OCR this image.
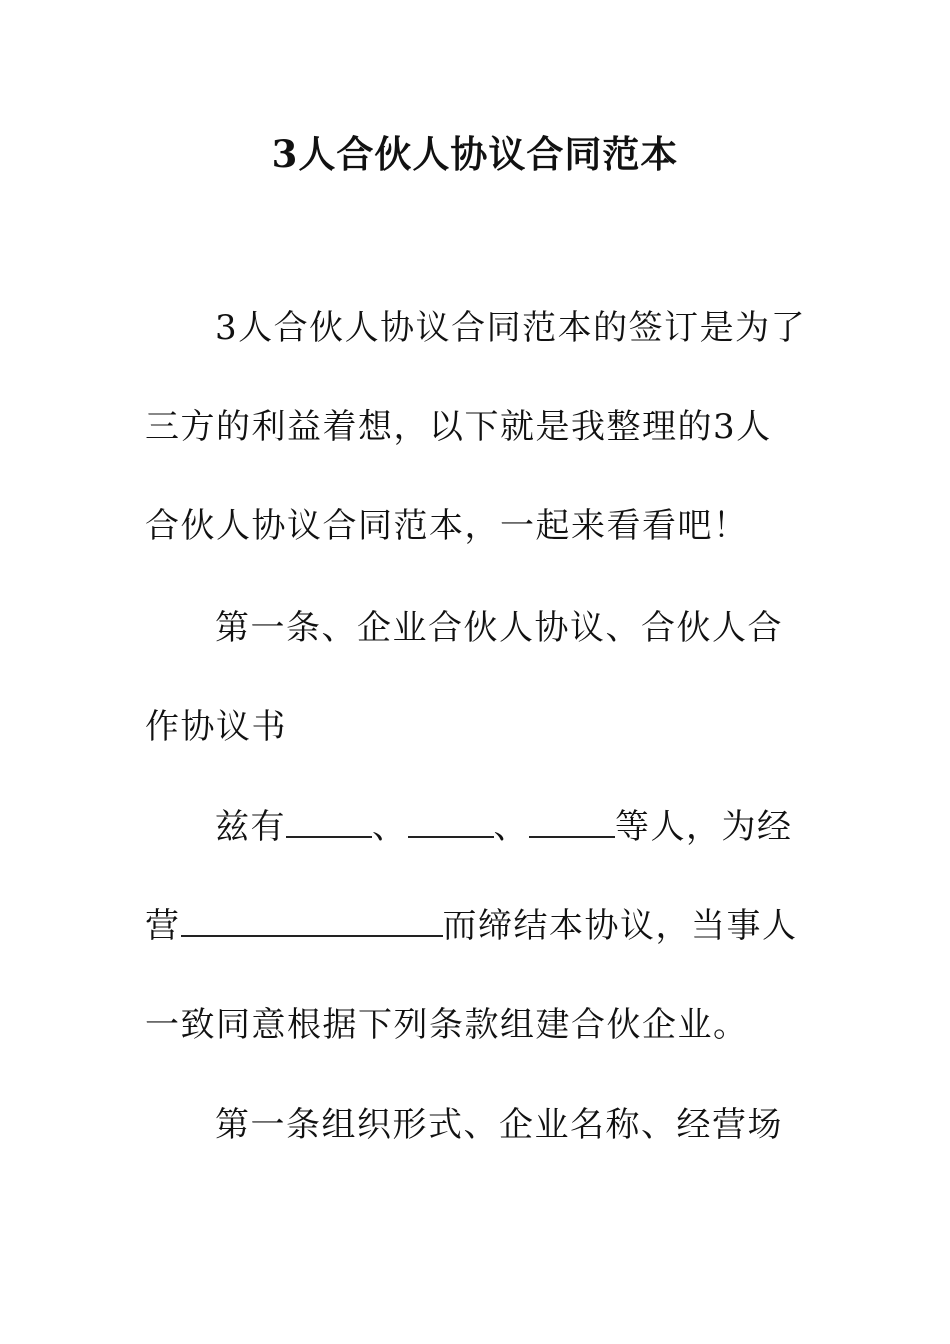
3人合伙人协议合同范本
3人合伙人协议合同范本的签订是为了
三方的利益着想，以下就是我整理的3人
合伙人协议合同范本，一起来看看吧！
第一条、企业合伙人协议、合伙人合
作协议书
兹有	、	、	等人，为经
营	而缔结本协议，当事人
一致同意根据下列条款组建合伙企业。
第一条组织形式、企业名称、经营场
